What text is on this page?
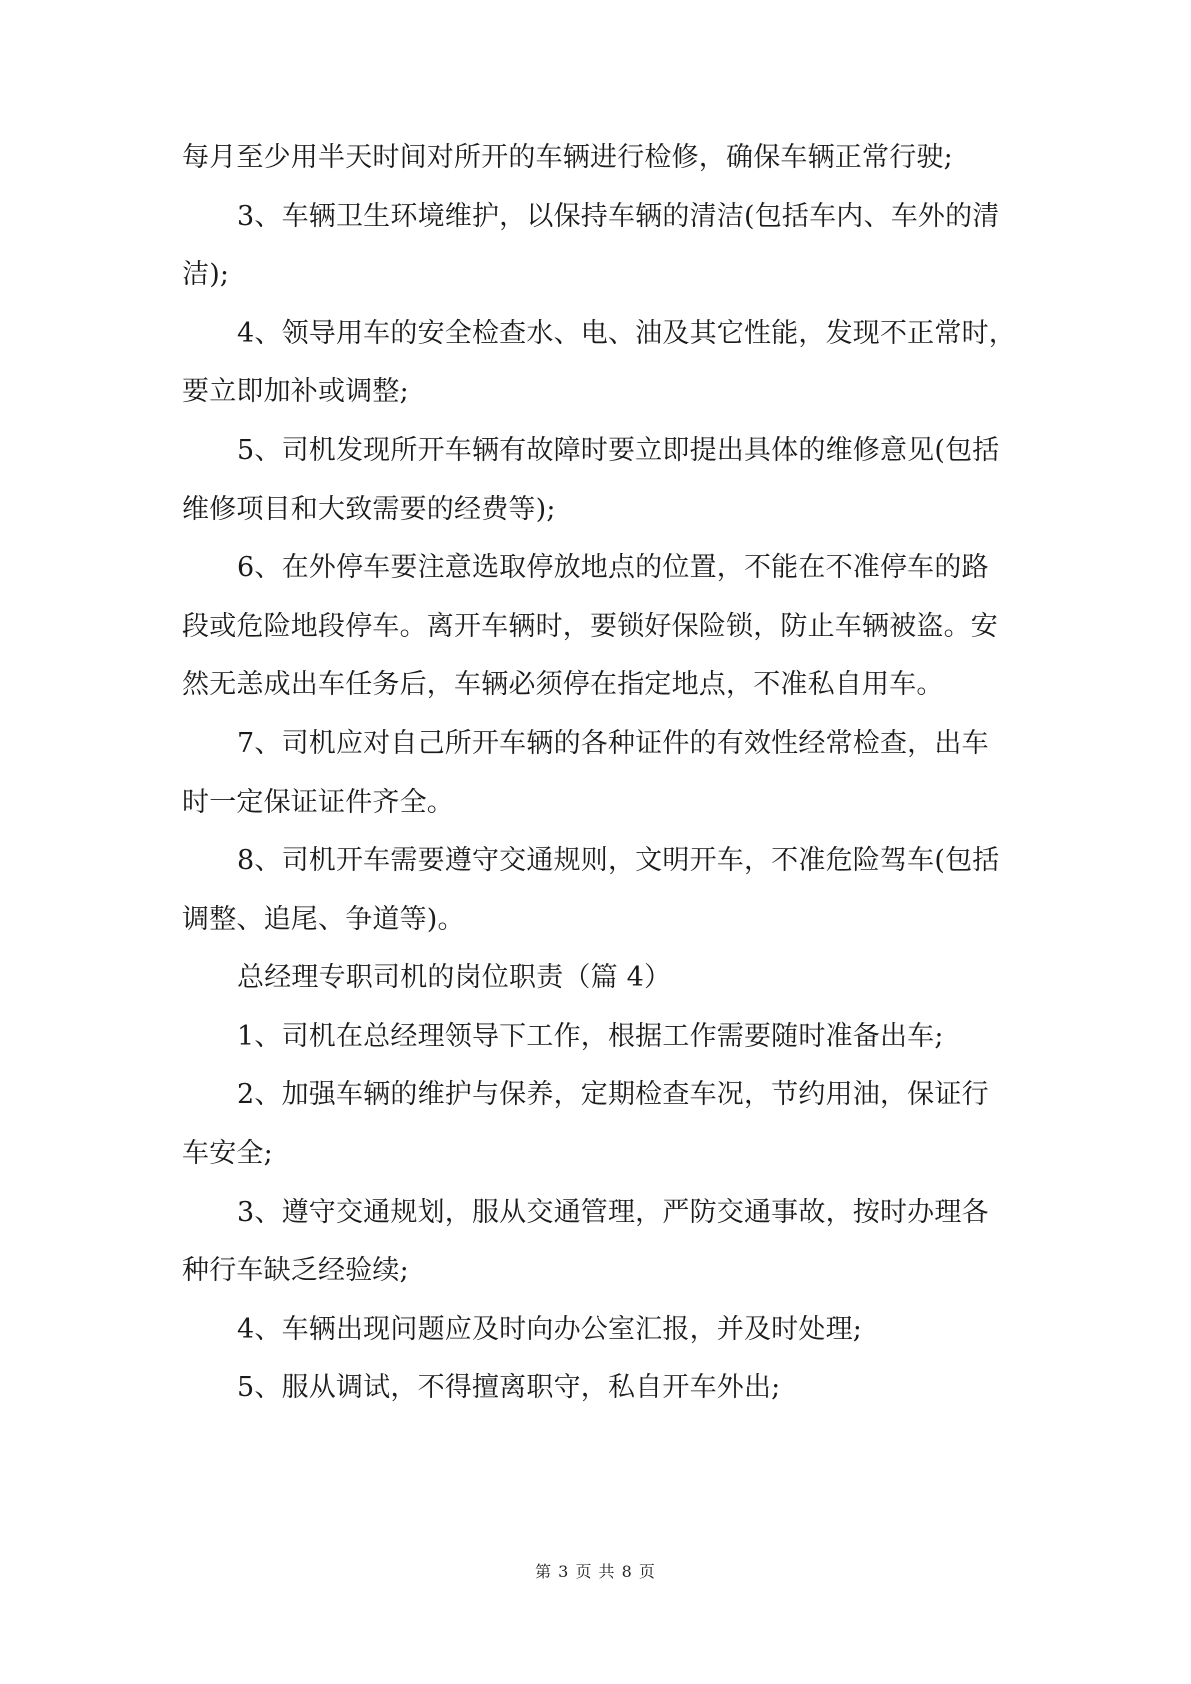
每月至少用半天时间对所开的车辆进行检修，确保车辆正常行驶;
3、车辆卫生环境维护，以保持车辆的清洁(包括车内、车外的清
洁);
4、领导用车的安全检查水、电、油及其它性能，发现不正常时，
要立即加补或调整;
5、司机发现所开车辆有故障时要立即提出具体的维修意见(包括
维修项目和大致需要的经费等);
6、在外停车要注意选取停放地点的位置，不能在不准停车的路
段或危险地段停车。离开车辆时，要锁好保险锁，防止车辆被盗。安
然无恙成出车任务后，车辆必须停在指定地点，不准私自用车。
7、司机应对自己所开车辆的各种证件的有效性经常检查，出车
时一定保证证件齐全。
8、司机开车需要遵守交通规则，文明开车，不准危险驾车(包括
调整、追尾、争道等)。
总经理专职司机的岗位职责（篇 4）
1、司机在总经理领导下工作，根据工作需要随时准备出车;
2、加强车辆的维护与保养，定期检查车况，节约用油，保证行
车安全;
3、遵守交通规划，服从交通管理，严防交通事故，按时办理各
种行车缺乏经验续;
4、车辆出现问题应及时向办公室汇报，并及时处理;
5、服从调试，不得擅离职守，私自开车外出;
第 3 页 共 8 页
